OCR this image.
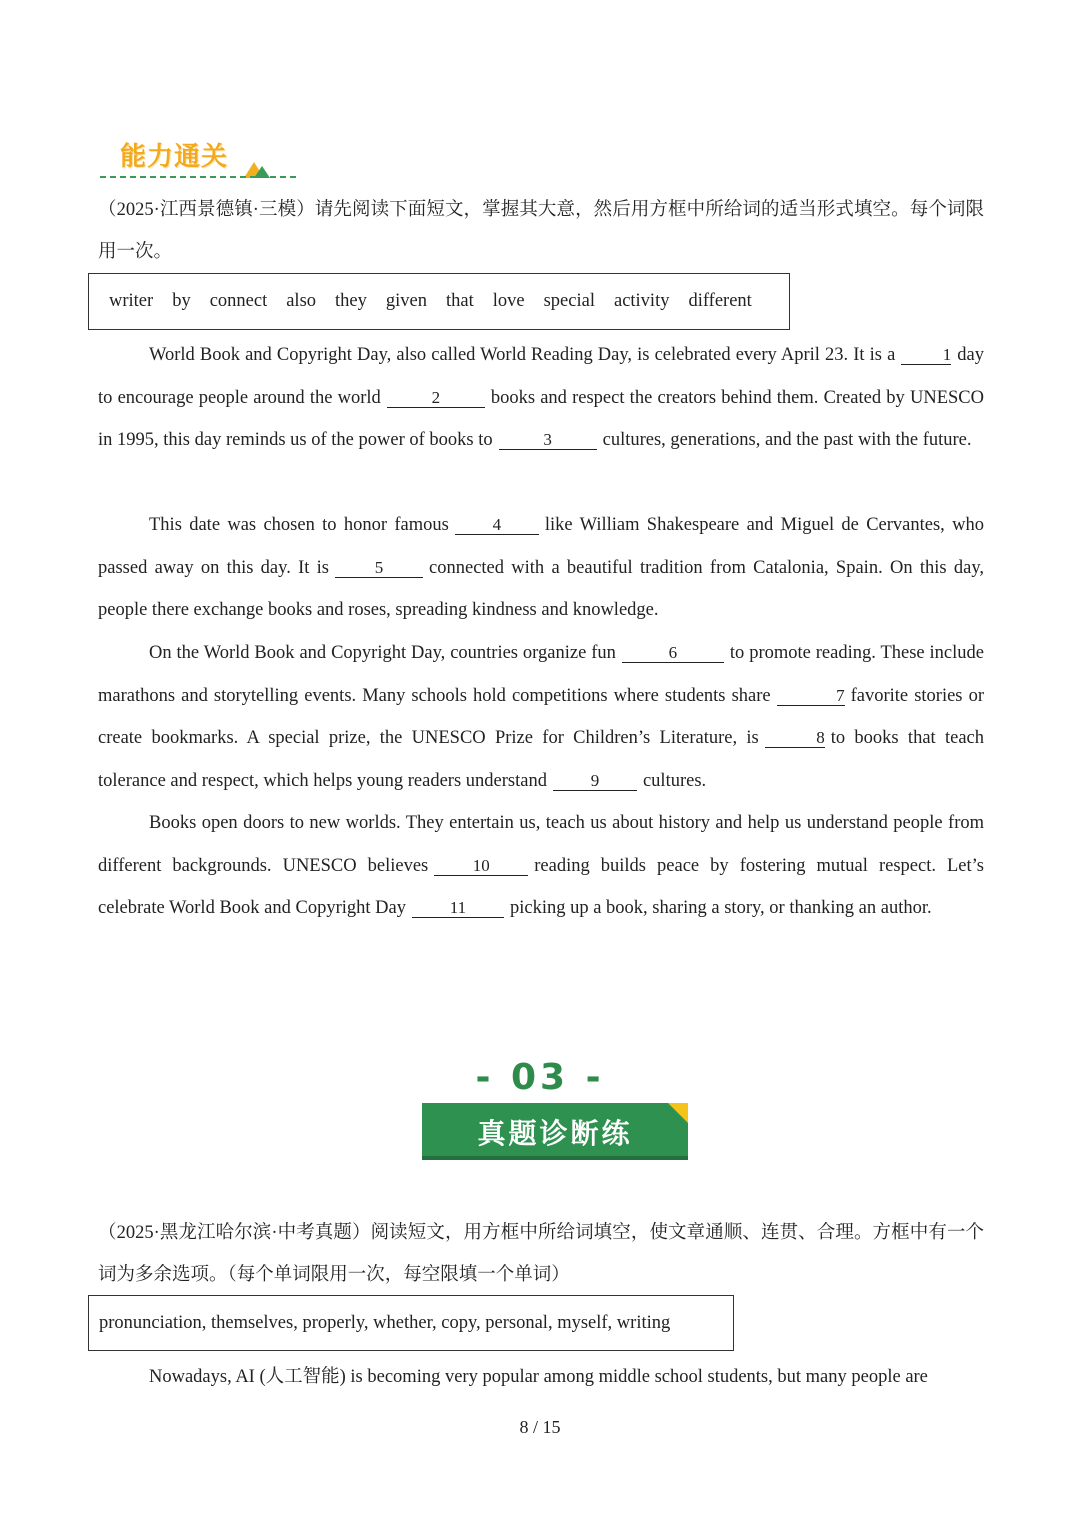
能力通关

（2025·江西景德镇·三模）请先阅读下面短文，掌握其大意，然后用方框中所给词的适当形式填空。每个词限用一次。

writer by connect also they given that love special activity different

World Book and Copyright Day, also called World Reading Day, is celebrated every April 23. It is a	1 day to encourage people around the world	2	books and respect the creators behind them. Created by UNESCO in 1995, this day reminds us of the power of books to	3	cultures, generations, and the past with the future.

This date was chosen to honor famous	4 like William Shakespeare and Miguel de Cervantes, who passed away on this day. It is	5 connected with a beautiful tradition from Catalonia, Spain. On this day, people there exchange books and roses, spreading kindness and knowledge.

On the World Book and Copyright Day, countries organize fun	6	to promote reading. These include marathons and storytelling events. Many schools hold competitions where students share	7 favorite stories or create bookmarks. A special prize, the UNESCO Prize for Children’s Literature, is	8 to books that teach tolerance and respect, which helps young readers understand	9 cultures.

Books open doors to new worlds. They entertain us, teach us about history and help us understand people from different backgrounds. UNESCO believes	10 reading builds peace by fostering mutual respect. Let’s celebrate World Book and Copyright Day	11 picking up a book, sharing a story, or thanking an author.

- 03 -
真题诊断练

（2025·黑龙江哈尔滨·中考真题）阅读短文，用方框中所给词填空，使文章通顺、连贯、合理。方框中有一个词为多余选项。（每个单词限用一次，每空限填一个单词）

pronunciation, themselves, properly, whether, copy, personal, myself, writing

Nowadays, AI (人工智能) is becoming very popular among middle school students, but many people are

8 / 15
